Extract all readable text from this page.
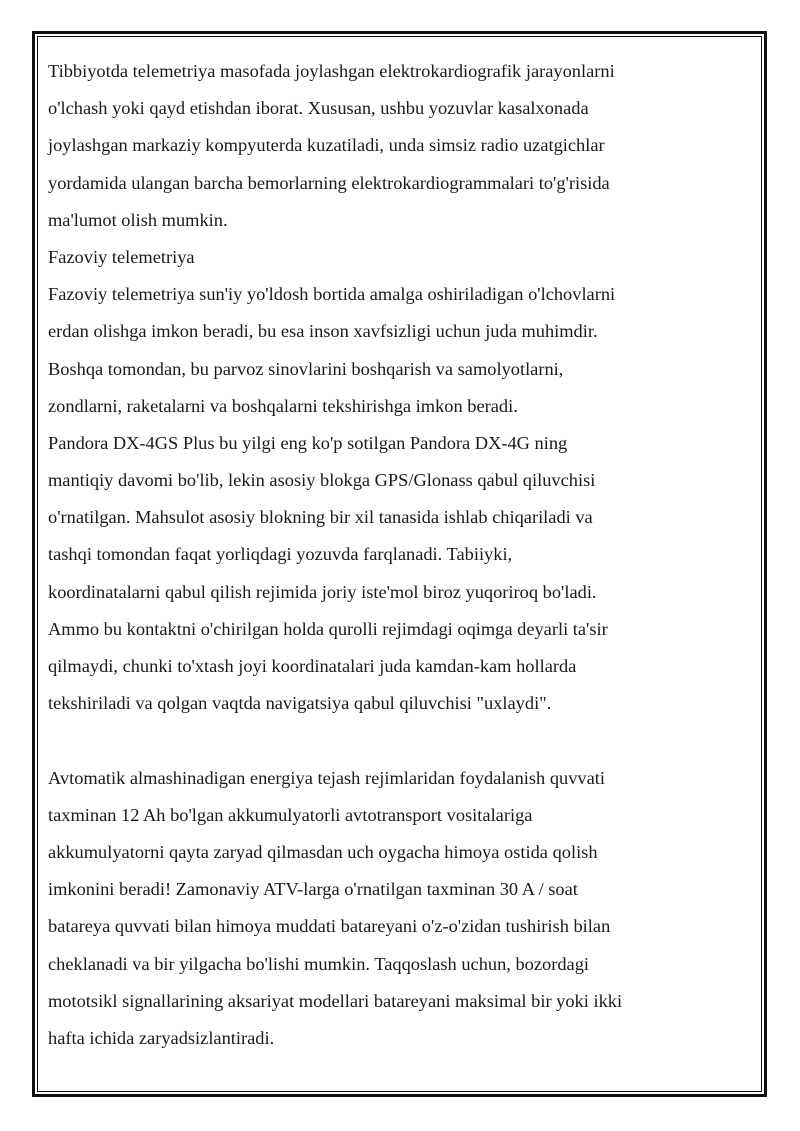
Tibbiyotda telemetriya masofada joylashgan elektrokardiografik jarayonlarni
o'lchash yoki qayd etishdan iborat. Xususan, ushbu yozuvlar kasalxonada
joylashgan markaziy kompyuterda kuzatiladi, unda simsiz radio uzatgichlar
yordamida ulangan barcha bemorlarning elektrokardiogrammalari to'g'risida
ma'lumot olish mumkin.
Fazoviy telemetriya
Fazoviy telemetriya sun'iy yo'ldosh bortida amalga oshiriladigan o'lchovlarni
erdan olishga imkon beradi, bu esa inson xavfsizligi uchun juda muhimdir.
Boshqa tomondan, bu parvoz sinovlarini boshqarish va samolyotlarni,
zondlarni, raketalarni va boshqalarni tekshirishga imkon beradi.
Pandora DX-4GS Plus bu yilgi eng ko'p sotilgan Pandora DX-4G ning
mantiqiy davomi bo'lib, lekin asosiy blokga GPS/Glonass qabul qiluvchisi
o'rnatilgan. Mahsulot asosiy blokning bir xil tanasida ishlab chiqariladi va
tashqi tomondan faqat yorliqdagi yozuvda farqlanadi. Tabiiyki,
koordinatalarni qabul qilish rejimida joriy iste'mol biroz yuqoriroq bo'ladi.
Ammo bu kontaktni o'chirilgan holda qurolli rejimdagi oqimga deyarli ta'sir
qilmaydi, chunki to'xtash joyi koordinatalari juda kamdan-kam hollarda
tekshiriladi va qolgan vaqtda navigatsiya qabul qiluvchisi "uxlaydi".
Avtomatik almashinadigan energiya tejash rejimlaridan foydalanish quvvati
taxminan 12 Ah bo'lgan akkumulyatorli avtotransport vositalariga
akkumulyatorni qayta zaryad qilmasdan uch oygacha himoya ostida qolish
imkonini beradi! Zamonaviy ATV-larga o'rnatilgan taxminan 30 A / soat
batareya quvvati bilan himoya muddati batareyani o'z-o'zidan tushirish bilan
cheklanadi va bir yilgacha bo'lishi mumkin. Taqqoslash uchun, bozordagi
mototsikl signallarining aksariyat modellari batareyani maksimal bir yoki ikki
hafta ichida zaryadsizlantiradi.
